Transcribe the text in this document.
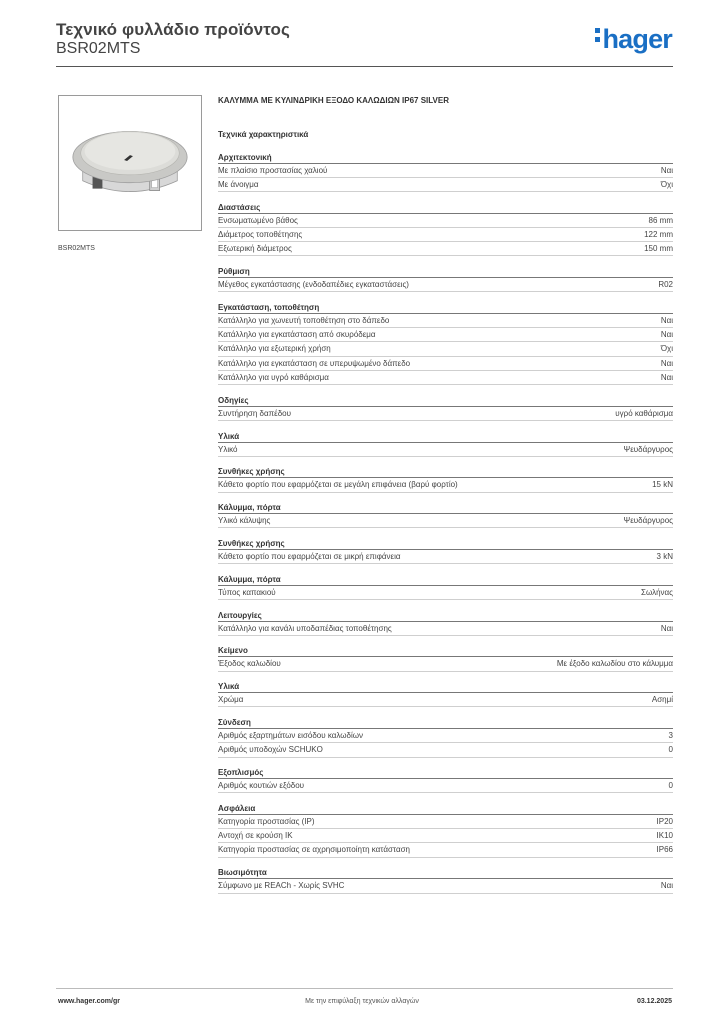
Τεχνικό φυλλάδιο προϊόντος
BSR02MTS	hager
BSR02MTS
ΚΑΛΥΜΜΑ ΜΕ ΚΥΛΙΝΔΡΙΚΗ ΕΞΟΔΟ ΚΑΛΩΔΙΩΝ IP67 SILVER
Τεχνικά χαρακτηριστικά
Αρχιτεκτονική
Με πλαίσιο προστασίας χαλιού	Ναι
Με άνοιγμα	Όχι
Διαστάσεις
Ενσωματωμένο βάθος	86 mm
Διάμετρος τοποθέτησης	122 mm
Εξωτερική διάμετρος	150 mm
Ρύθμιση
Μέγεθος εγκατάστασης (ενδοδαπέδιες εγκαταστάσεις)	R02
Εγκατάσταση, τοποθέτηση
Κατάλληλο για χωνευτή τοποθέτηση στο δάπεδο	Ναι
Κατάλληλο για εγκατάσταση από σκυρόδεμα	Ναι
Κατάλληλο για εξωτερική χρήση	Όχι
Κατάλληλο για εγκατάσταση σε υπερυψωμένο δάπεδο	Ναι
Κατάλληλο για υγρό καθάρισμα	Ναι
Οδηγίες
Συντήρηση δαπέδου	υγρό καθάρισμα
Υλικά
Υλικό	Ψευδάργυρος
Συνθήκες χρήσης
Κάθετο φορτίο που εφαρμόζεται σε μεγάλη επιφάνεια (βαρύ φορτίο)	15 kN
Κάλυμμα, πόρτα
Υλικό κάλυψης	Ψευδάργυρος
Συνθήκες χρήσης
Κάθετο φορτίο που εφαρμόζεται σε μικρή επιφάνεια	3 kN
Κάλυμμα, πόρτα
Τύπος καπακιού	Σωλήνας
Λειτουργίες
Κατάλληλο για κανάλι υποδαπέδιας τοποθέτησης	Ναι
Κείμενο
Έξοδος καλωδίου	Με έξοδο καλωδίου στο κάλυμμα
Υλικά
Χρώμα	Ασημί
Σύνδεση
Αριθμός εξαρτημάτων εισόδου καλωδίων	3
Αριθμός υποδοχών SCHUKO	0
Εξοπλισμός
Αριθμός κουτιών εξόδου	0
Ασφάλεια
Κατηγορία προστασίας (IP)	IP20
Αντοχή σε κρούση IK	IK10
Κατηγορία προστασίας σε αχρησιμοποίητη κατάσταση	IP66
Βιωσιμότητα
Σύμφωνο με REACh - Χωρίς SVHC	Ναι
www.hager.com/gr	Με την επιφύλαξη τεχνικών αλλαγών	03.12.2025
